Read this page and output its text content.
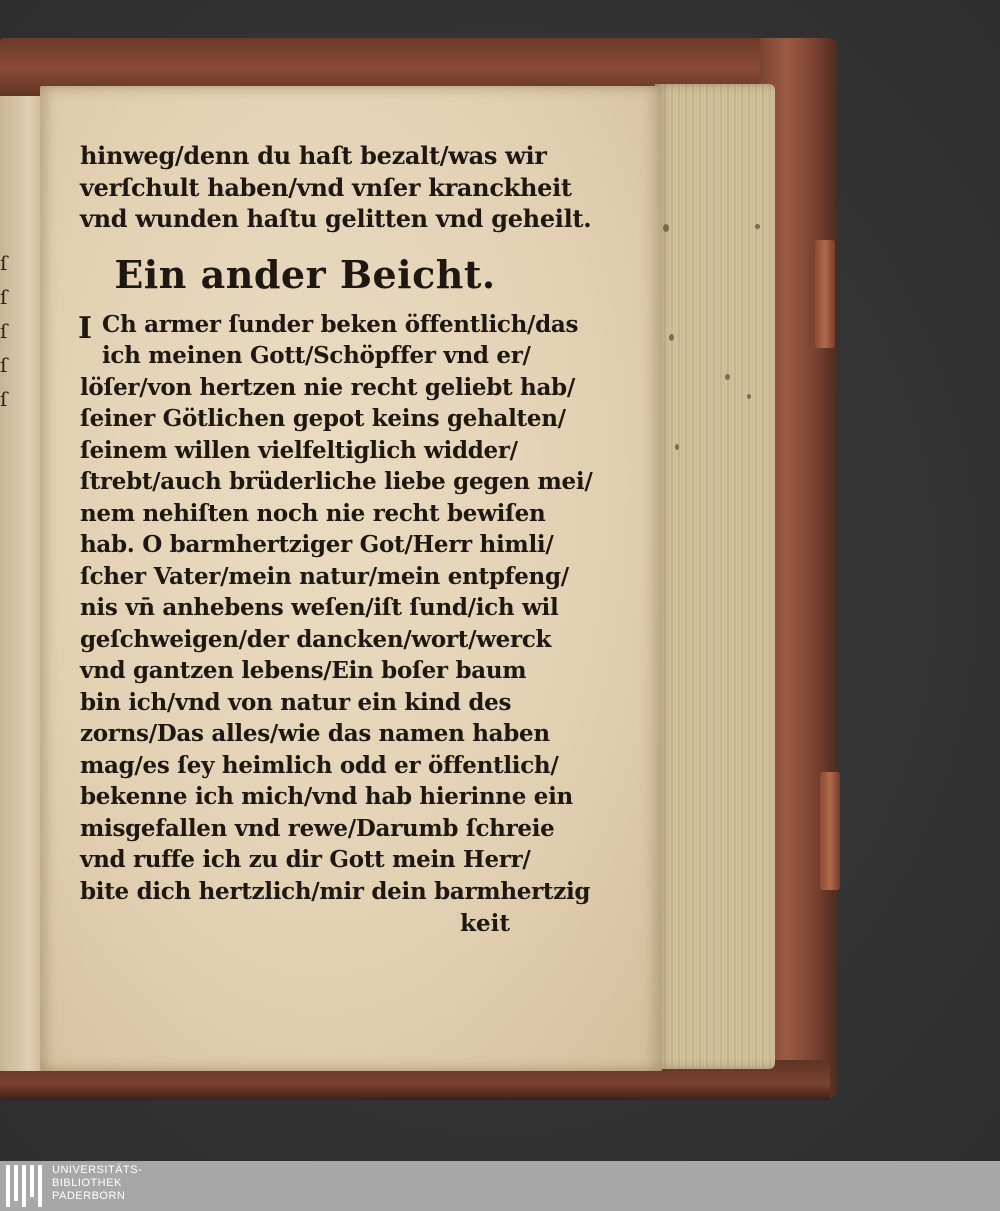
ſ
ſ
ſ
ſ
ſ
hinweg/denn du haſt bezalt/was wir
verſchult haben/vnd vnſer kranckheit
vnd wunden haſtu gelitten vnd geheilt.
Ein ander Beicht.
I Ch armer ſunder beken öffentlich/das
ich meinen Gott/Schöpffer vnd er/
löſer/von hertzen nie recht geliebt hab/
ſeiner Götlichen gepot keins gehalten/
ſeinem willen vielfeltiglich widder/
ſtrebt/auch brüderliche liebe gegen mei/
nem nehiſten noch nie recht bewiſen
hab. O barmhertziger Got/Herr himli/
ſcher Vater/mein natur/mein entpfeng/
nis vn̄ anhebens weſen/iſt ſund/ich wil
geſchweigen/der dancken/wort/werck
vnd gantzen lebens/Ein boſer baum
bin ich/vnd von natur ein kind des
zorns/Das alles/wie das namen haben
mag/es ſey heimlich odd er öffentlich/
bekenne ich mich/vnd hab hierinne ein
misgefallen vnd rewe/Darumb ſchreie
vnd ruffe ich zu dir Gott mein Herr/
bite dich hertzlich/mir dein barmhertzig
keit
UNIVERSITÄTS-
BIBLIOTHEK
PADERBORN
